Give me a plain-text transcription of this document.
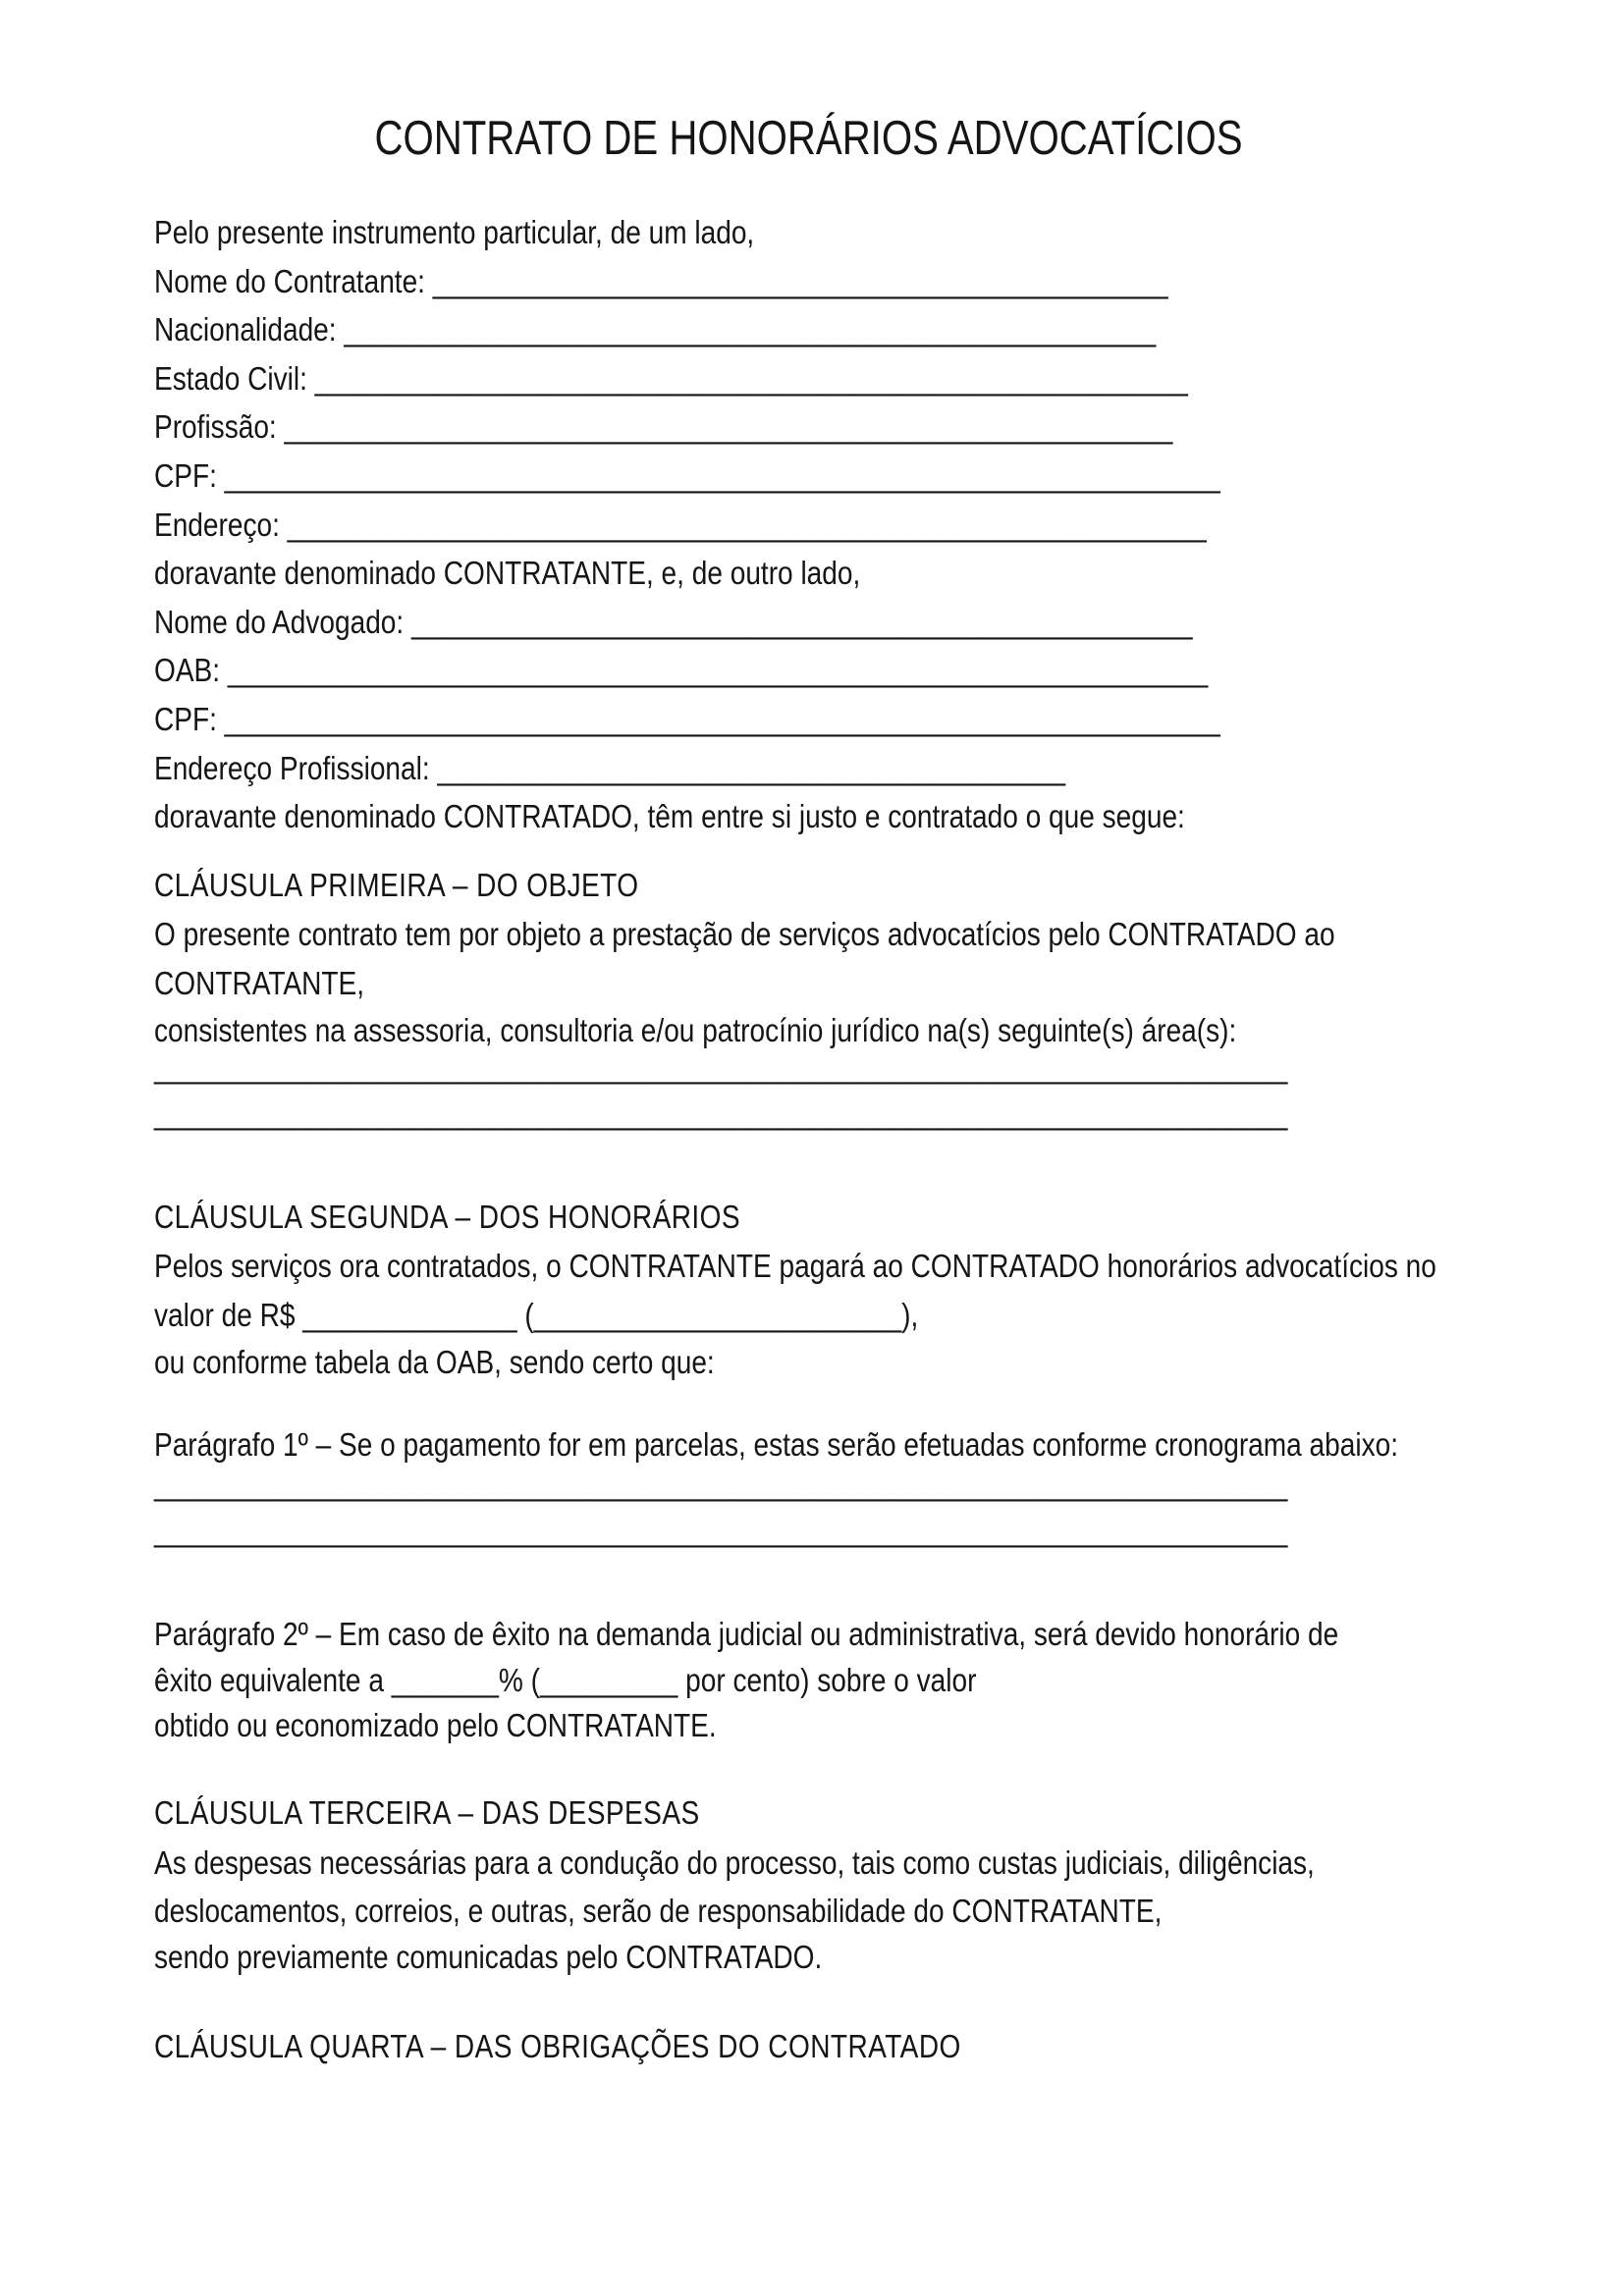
CONTRATO DE HONORÁRIOS ADVOCATÍCIOS
Pelo presente instrumento particular, de um lado,
Nome do Contratante: ________________________________________________
Nacionalidade: _____________________________________________________
Estado Civil: _________________________________________________________
Profissão: __________________________________________________________
CPF: _________________________________________________________________
Endereço: ____________________________________________________________
doravante denominado CONTRATANTE, e, de outro lado,
Nome do Advogado: ___________________________________________________
OAB: ________________________________________________________________
CPF: _________________________________________________________________
Endereço Profissional: _________________________________________
doravante denominado CONTRATADO, têm entre si justo e contratado o que segue:
CLÁUSULA PRIMEIRA – DO OBJETO
O presente contrato tem por objeto a prestação de serviços advocatícios pelo CONTRATADO ao
CONTRATANTE,
consistentes na assessoria, consultoria e/ou patrocínio jurídico na(s) seguinte(s) área(s):
__________________________________________________________________________
__________________________________________________________________________
CLÁUSULA SEGUNDA – DOS HONORÁRIOS
Pelos serviços ora contratados, o CONTRATANTE pagará ao CONTRATADO honorários advocatícios no
valor de R$ ______________ (________________________),
ou conforme tabela da OAB, sendo certo que:
Parágrafo 1º – Se o pagamento for em parcelas, estas serão efetuadas conforme cronograma abaixo:
__________________________________________________________________________
__________________________________________________________________________
Parágrafo 2º – Em caso de êxito na demanda judicial ou administrativa, será devido honorário de
êxito equivalente a _______% (_________ por cento) sobre o valor
obtido ou economizado pelo CONTRATANTE.
CLÁUSULA TERCEIRA – DAS DESPESAS
As despesas necessárias para a condução do processo, tais como custas judiciais, diligências,
deslocamentos, correios, e outras, serão de responsabilidade do CONTRATANTE,
sendo previamente comunicadas pelo CONTRATADO.
CLÁUSULA QUARTA – DAS OBRIGAÇÕES DO CONTRATADO
